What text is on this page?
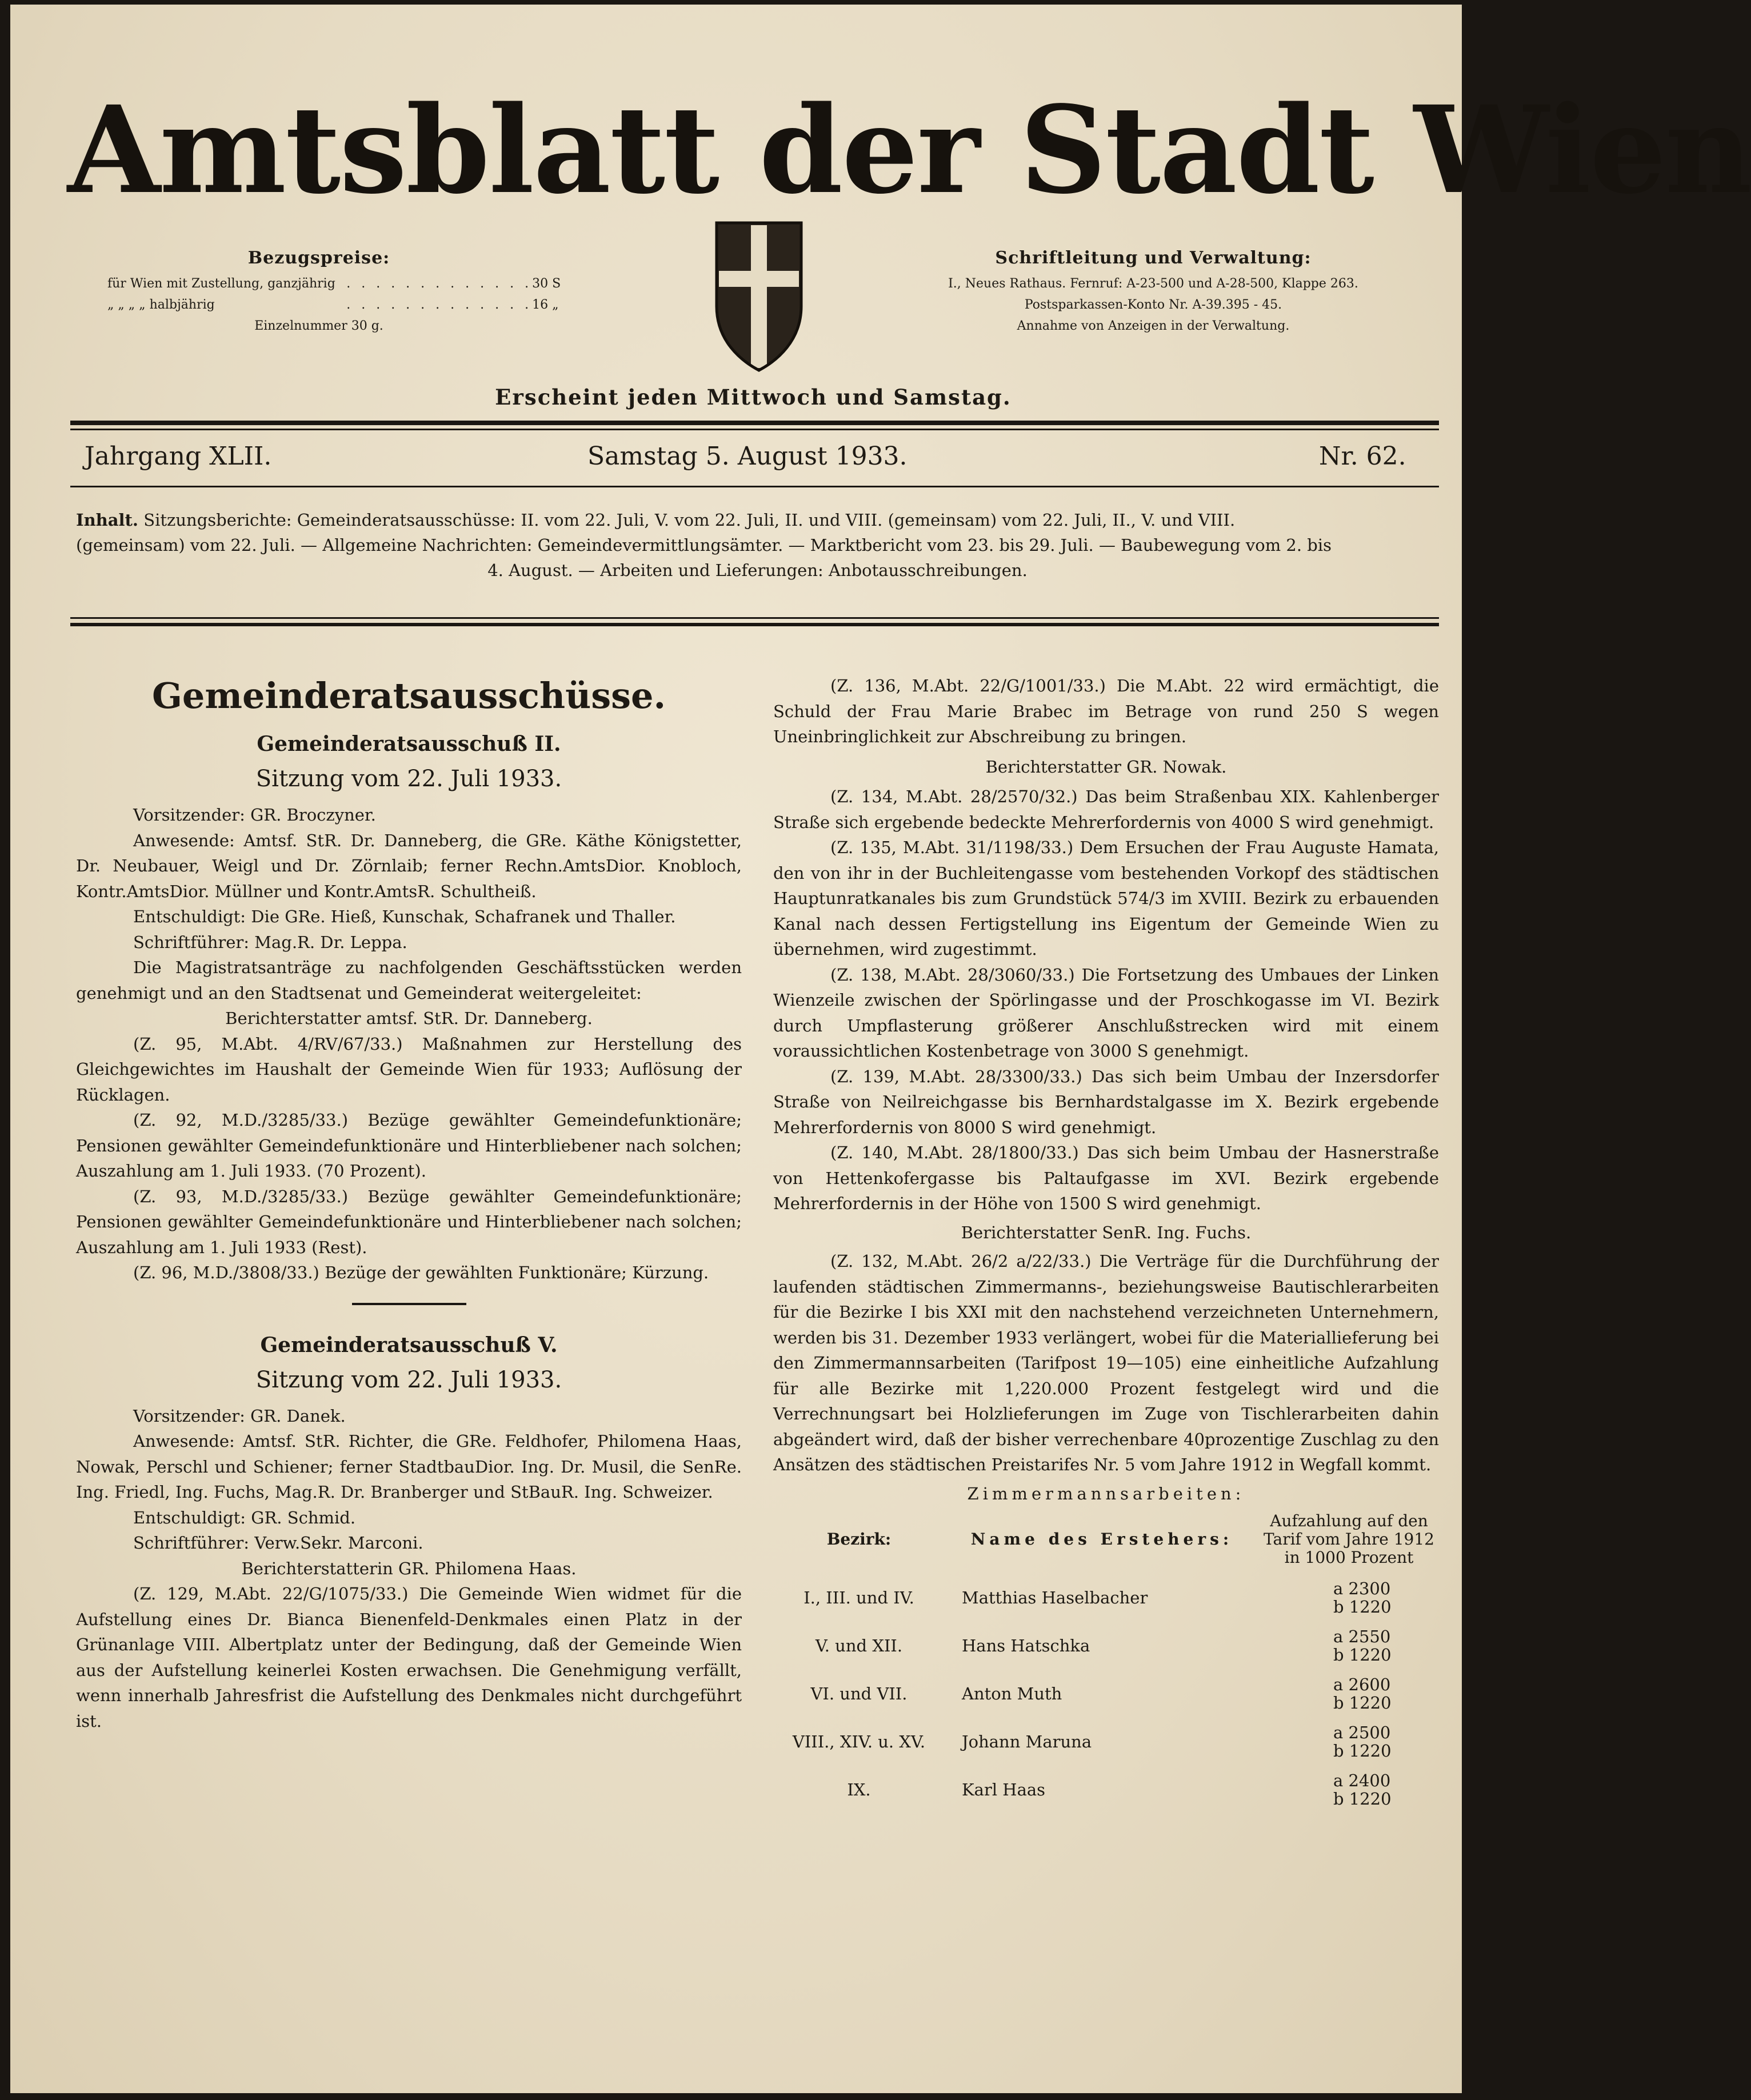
Amtsblatt der Stadt Wien
Bezugspreise:
für Wien mit Zustellung, ganzjährig . . . . . . . . . . . . . 30 S
„ „ „ „ halbjährig	. . . . . . . . . . . . . 16 „
Einzelnummer 30 g.
Schriftleitung und Verwaltung:
I., Neues Rathaus. Fernruf: A-23-500 und A-28-500, Klappe 263.
Postsparkassen-Konto Nr. A-39.395 - 45.
Annahme von Anzeigen in der Verwaltung.
Erscheint jeden Mittwoch und Samstag.
Jahrgang XLII.	Samstag 5. August 1933.	Nr. 62.
Inhalt. Sitzungsberichte: Gemeinderatsausschüsse: II. vom 22. Juli, V. vom 22. Juli, II. und VIII. (gemeinsam) vom 22. Juli, II., V. und VIII.
(gemeinsam) vom 22. Juli. — Allgemeine Nachrichten: Gemeindevermittlungsämter. — Marktbericht vom 23. bis 29. Juli. — Baubewegung vom 2. bis
4. August. — Arbeiten und Lieferungen: Anbotausschreibungen.
Gemeinderatsausschüsse.
Gemeinderatsausschuß II.
Sitzung vom 22. Juli 1933.

Vorsitzender: GR. Broczyner.

Anwesende: Amtsf. StR. Dr. Danneberg, die GRe. Käthe Königstetter, Dr. Neubauer, Weigl und Dr. Zörnlaib; ferner Rechn.AmtsDior. Knobloch, Kontr.AmtsDior. Müllner und Kontr.AmtsR. Schultheiß.

Entschuldigt: Die GRe. Hieß, Kunschak, Schafranek und Thaller.

Schriftführer: Mag.R. Dr. Leppa.

Die Magistratsanträge zu nachfolgenden Geschäftsstücken werden genehmigt und an den Stadtsenat und Gemeinderat weitergeleitet:

Berichterstatter amtsf. StR. Dr. Danneberg.

(Z. 95, M.Abt. 4/RV/67/33.) Maßnahmen zur Herstellung des Gleichgewichtes im Haushalt der Gemeinde Wien für 1933; Auflösung der Rücklagen.

(Z. 92, M.D./3285/33.) Bezüge gewählter Gemeindefunktionäre; Pensionen gewählter Gemeindefunktionäre und Hinterbliebener nach solchen; Auszahlung am 1. Juli 1933. (70 Prozent).

(Z. 93, M.D./3285/33.) Bezüge gewählter Gemeindefunktionäre; Pensionen gewählter Gemeindefunktionäre und Hinterbliebener nach solchen; Auszahlung am 1. Juli 1933 (Rest).

(Z. 96, M.D./3808/33.) Bezüge der gewählten Funktionäre; Kürzung.

Gemeinderatsausschuß V.
Sitzung vom 22. Juli 1933.

Vorsitzender: GR. Danek.

Anwesende: Amtsf. StR. Richter, die GRe. Feldhofer, Philomena Haas, Nowak, Perschl und Schiener; ferner StadtbauDior. Ing. Dr. Musil, die SenRe. Ing. Friedl, Ing. Fuchs, Mag.R. Dr. Branberger und StBauR. Ing. Schweizer.

Entschuldigt: GR. Schmid.

Schriftführer: Verw.Sekr. Marconi.

Berichterstatterin GR. Philomena Haas.

(Z. 129, M.Abt. 22/G/1075/33.) Die Gemeinde Wien widmet für die Aufstellung eines Dr. Bianca Bienenfeld-Denkmales einen Platz in der Grünanlage VIII. Albertplatz unter der Bedingung, daß der Gemeinde Wien aus der Aufstellung keinerlei Kosten erwachsen. Die Genehmigung verfällt, wenn innerhalb Jahresfrist die Aufstellung des Denkmales nicht durchgeführt ist.

(Z. 136, M.Abt. 22/G/1001/33.) Die M.Abt. 22 wird ermächtigt, die Schuld der Frau Marie Brabec im Betrage von rund 250 S wegen Uneinbringlichkeit zur Abschreibung zu bringen.

Berichterstatter GR. Nowak.

(Z. 134, M.Abt. 28/2570/32.) Das beim Straßenbau XIX. Kahlenberger Straße sich ergebende bedeckte Mehrerfordernis von 4000 S wird genehmigt.

(Z. 135, M.Abt. 31/1198/33.) Dem Ersuchen der Frau Auguste Hamata, den von ihr in der Buchleitengasse vom bestehenden Vorkopf des städtischen Hauptunratkanales bis zum Grundstück 574/3 im XVIII. Bezirk zu erbauenden Kanal nach dessen Fertigstellung ins Eigentum der Gemeinde Wien zu übernehmen, wird zugestimmt.

(Z. 138, M.Abt. 28/3060/33.) Die Fortsetzung des Umbaues der Linken Wienzeile zwischen der Spörlingasse und der Proschkogasse im VI. Bezirk durch Umpflasterung größerer Anschlußstrecken wird mit einem voraussichtlichen Kostenbetrage von 3000 S genehmigt.

(Z. 139, M.Abt. 28/3300/33.) Das sich beim Umbau der Inzersdorfer Straße von Neilreichgasse bis Bernhardstalgasse im X. Bezirk ergebende Mehrerfordernis von 8000 S wird genehmigt.

(Z. 140, M.Abt. 28/1800/33.) Das sich beim Umbau der Hasnerstraße von Hettenkofergasse bis Paltaufgasse im XVI. Bezirk ergebende Mehrerfordernis in der Höhe von 1500 S wird genehmigt.

Berichterstatter SenR. Ing. Fuchs.

(Z. 132, M.Abt. 26/2 a/22/33.) Die Verträge für die Durchführung der laufenden städtischen Zimmermanns-, beziehungsweise Bautischlerarbeiten für die Bezirke I bis XXI mit den nachstehend verzeichneten Unternehmern, werden bis 31. Dezember 1933 verlängert, wobei für die Materiallieferung bei den Zimmermannsarbeiten (Tarifpost 19—105) eine einheitliche Aufzahlung für alle Bezirke mit 1,220.000 Prozent festgelegt wird und die Verrechnungsart bei Holzlieferungen im Zuge von Tischlerarbeiten dahin abgeändert wird, daß der bisher verrechenbare 40prozentige Zuschlag zu den Ansätzen des städtischen Preistarifes Nr. 5 vom Jahre 1912 in Wegfall kommt.

Zimmermannsarbeiten:
Bezirk:	Name des Erstehers:	Aufzahlung auf den Tarif vom Jahre 1912 in 1000 Prozent
I., III. und IV.	Matthias Haselbacher	a 2300
b 1220

V. und XII.	Hans Hatschka	a 2550
b 1220

VI. und VII.	Anton Muth	a 2600
b 1220

VIII., XIV. u. XV.	Johann Maruna	a 2500
b 1220

IX.	Karl Haas	a 2400
b 1220
